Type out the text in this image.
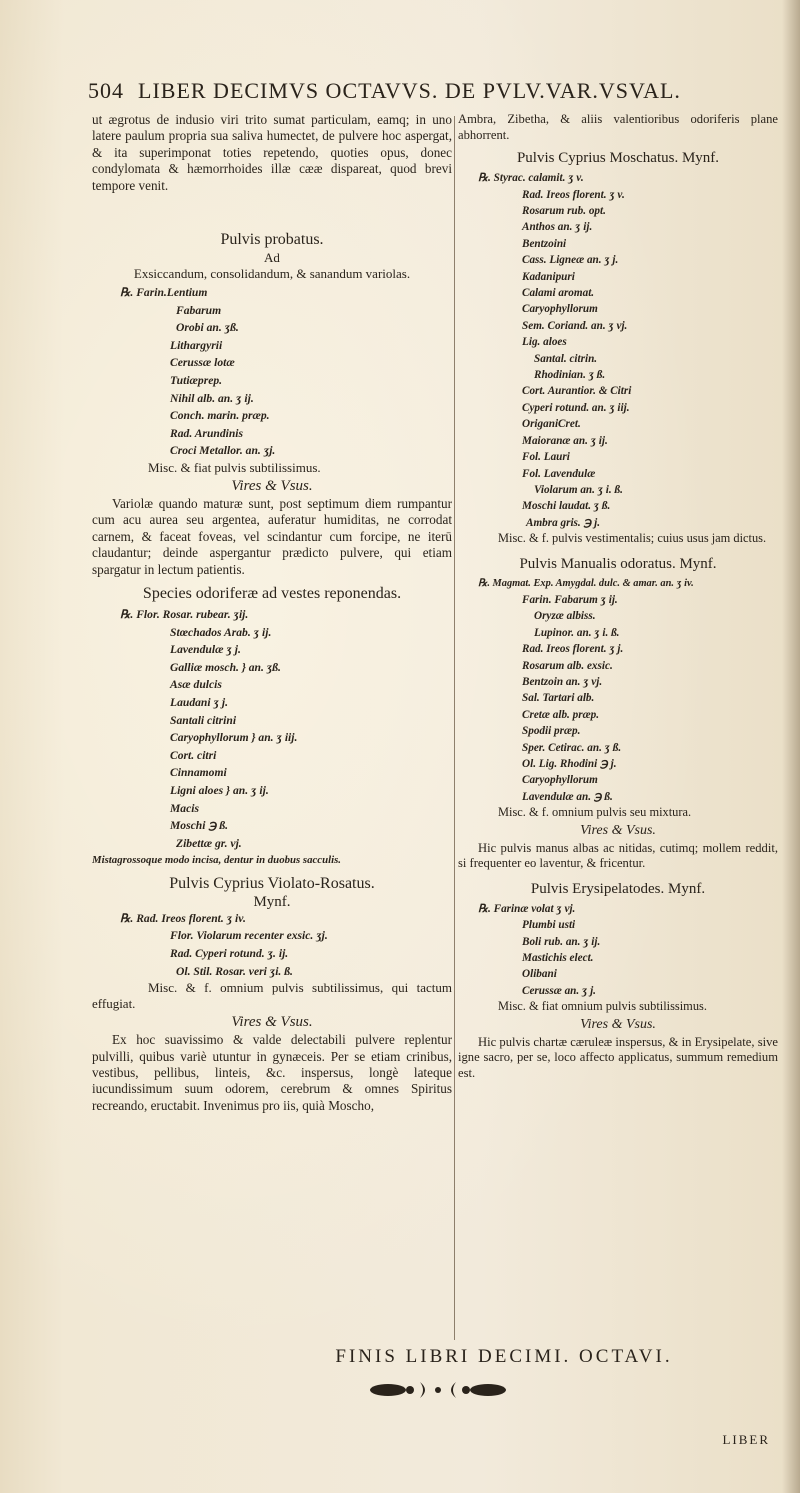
504 LIBER DECIMVS OCTAVVS. DE PVLV.VAR.VSVAL.

ut ægrotus de indusio viri trito sumat particulam, eamq; in uno latere paulum propria sua saliva humectet, de pulvere hoc aspergat, & ita superimponat toties repetendo, quoties opus, donec condylomata & hæmorrhoides illæ cææ dispareat, quod brevi tempore venit.

Pulvis probatus.

Ad

Exsiccandum, consolidandum, & sanandum variolas.

℞. Farin.Lentium
Fabarum
Orobi an. ʒß.
Lithargyrii
Cerussæ lotæ
Tutiæprep.
Nihil alb. an. ʒ ij.
Conch. marin. præp.
Rad. Arundinis
Croci Metallor. an. ʒj.

Misc. & fiat pulvis subtilissimus.

Vires & Vsus.

Variolæ quando maturæ sunt, post septimum diem rumpantur cum acu aurea seu argentea, auferatur humiditas, ne corrodat carnem, & faceat foveas, vel scindantur cum forcipe, ne iterū claudantur; deinde aspergantur prædicto pulvere, qui etiam spargatur in lectum patientis.

Species odoriferæ ad vestes reponendas.

℞. Flor. Rosar. rubear. ʒij.
Stœchados Arab. ʒ ij.
Lavendulæ ʒ j.
Galliæ mosch. } an. ʒß.
Asæ dulcis
Laudani ʒ j.
Santali citrini
Caryophyllorum } an. ʒ iij.
Cort. citri
Cinnamomi
Ligni aloes } an. ʒ ij.
Macis
Moschi ℈ ß.
Zibettæ gr. vj.
Mistagrossoque modo incisa, dentur in duobus sacculis.

Pulvis Cyprius Violato-Rosatus.

Mynf.

℞. Rad. Ireos florent. ʒ iv.
Flor. Violarum recenter exsic. ʒj.
Rad. Cyperi rotund. ʒ. ij.
Ol. Stil. Rosar. veri ʒi. ß.

Misc. & f. omnium pulvis subtilissimus, qui tactum effugiat.

Vires & Vsus.

Ex hoc suavissimo & valde delectabili pulvere replentur pulvilli, quibus variè utuntur in gynæceis. Per se etiam crinibus, vestibus, pellibus, linteis, &c. inspersus, longè lateque iucundissimum suum odorem, cerebrum & omnes Spiritus recreando, eructabit. Invenimus pro iis, quià Moscho,

Ambra, Zibetha, & aliis valentioribus odoriferis plane abhorrent.

Pulvis Cyprius Moschatus. Mynf.

℞. Styrac. calamit. ʒ v.
Rad. Ireos florent. ʒ v.
Rosarum rub. opt.
Anthos an. ʒ ij.
Bentzoini
Cass. Ligneæ an. ʒ j.
Kadanipuri
Calami aromat.
Caryophyllorum
Sem. Coriand. an. ʒ vj.
Lig. aloes
Santal. citrin.
Rhodinian. ʒ ß.
Cort. Aurantior. & Citri
Cyperi rotund. an. ʒ iij.
OriganiCret.
Maioranæ an. ʒ ij.
Fol. Lauri
Fol. Lavendulæ
Violarum an. ʒ i. ß.
Moschi laudat. ʒ ß.
Ambra gris. ℈ j.

Misc. & f. pulvis vestimentalis; cuius usus jam dictus.

Pulvis Manualis odoratus. Mynf.

℞. Magmat. Exp. Amygdal. dulc. & amar. an. ʒ iv.
Farin. Fabarum ʒ ij.
Oryzæ albiss.
Lupinor. an. ʒ i. ß.
Rad. Ireos florent. ʒ j.
Rosarum alb. exsic.
Bentzoin an. ʒ vj.
Sal. Tartari alb.
Cretæ alb. præp.
Spodii præp.
Sper. Cetirac. an. ʒ ß.
Ol. Lig. Rhodini ℈ j.
Caryophyllorum
Lavendulæ an. ℈ ß.

Misc. & f. omnium pulvis seu mixtura.

Vires & Vsus.

Hic pulvis manus albas ac nitidas, cutimq; mollem reddit, si frequenter eo laventur, & fricentur.

Pulvis Erysipelatodes. Mynf.

℞. Farinæ volat ʒ vj.
Plumbi usti
Boli rub. an. ʒ ij.
Mastichis elect.
Olibani
Cerussæ an. ʒ j.

Misc. & fiat omnium pulvis subtilissimus.

Vires & Vsus.

Hic pulvis chartæ cæruleæ inspersus, & in Erysipelate, sive igne sacro, per se, loco affecto applicatus, summum remedium est.

FINIS LIBRI DECIMI. OCTAVI.
LIBER
